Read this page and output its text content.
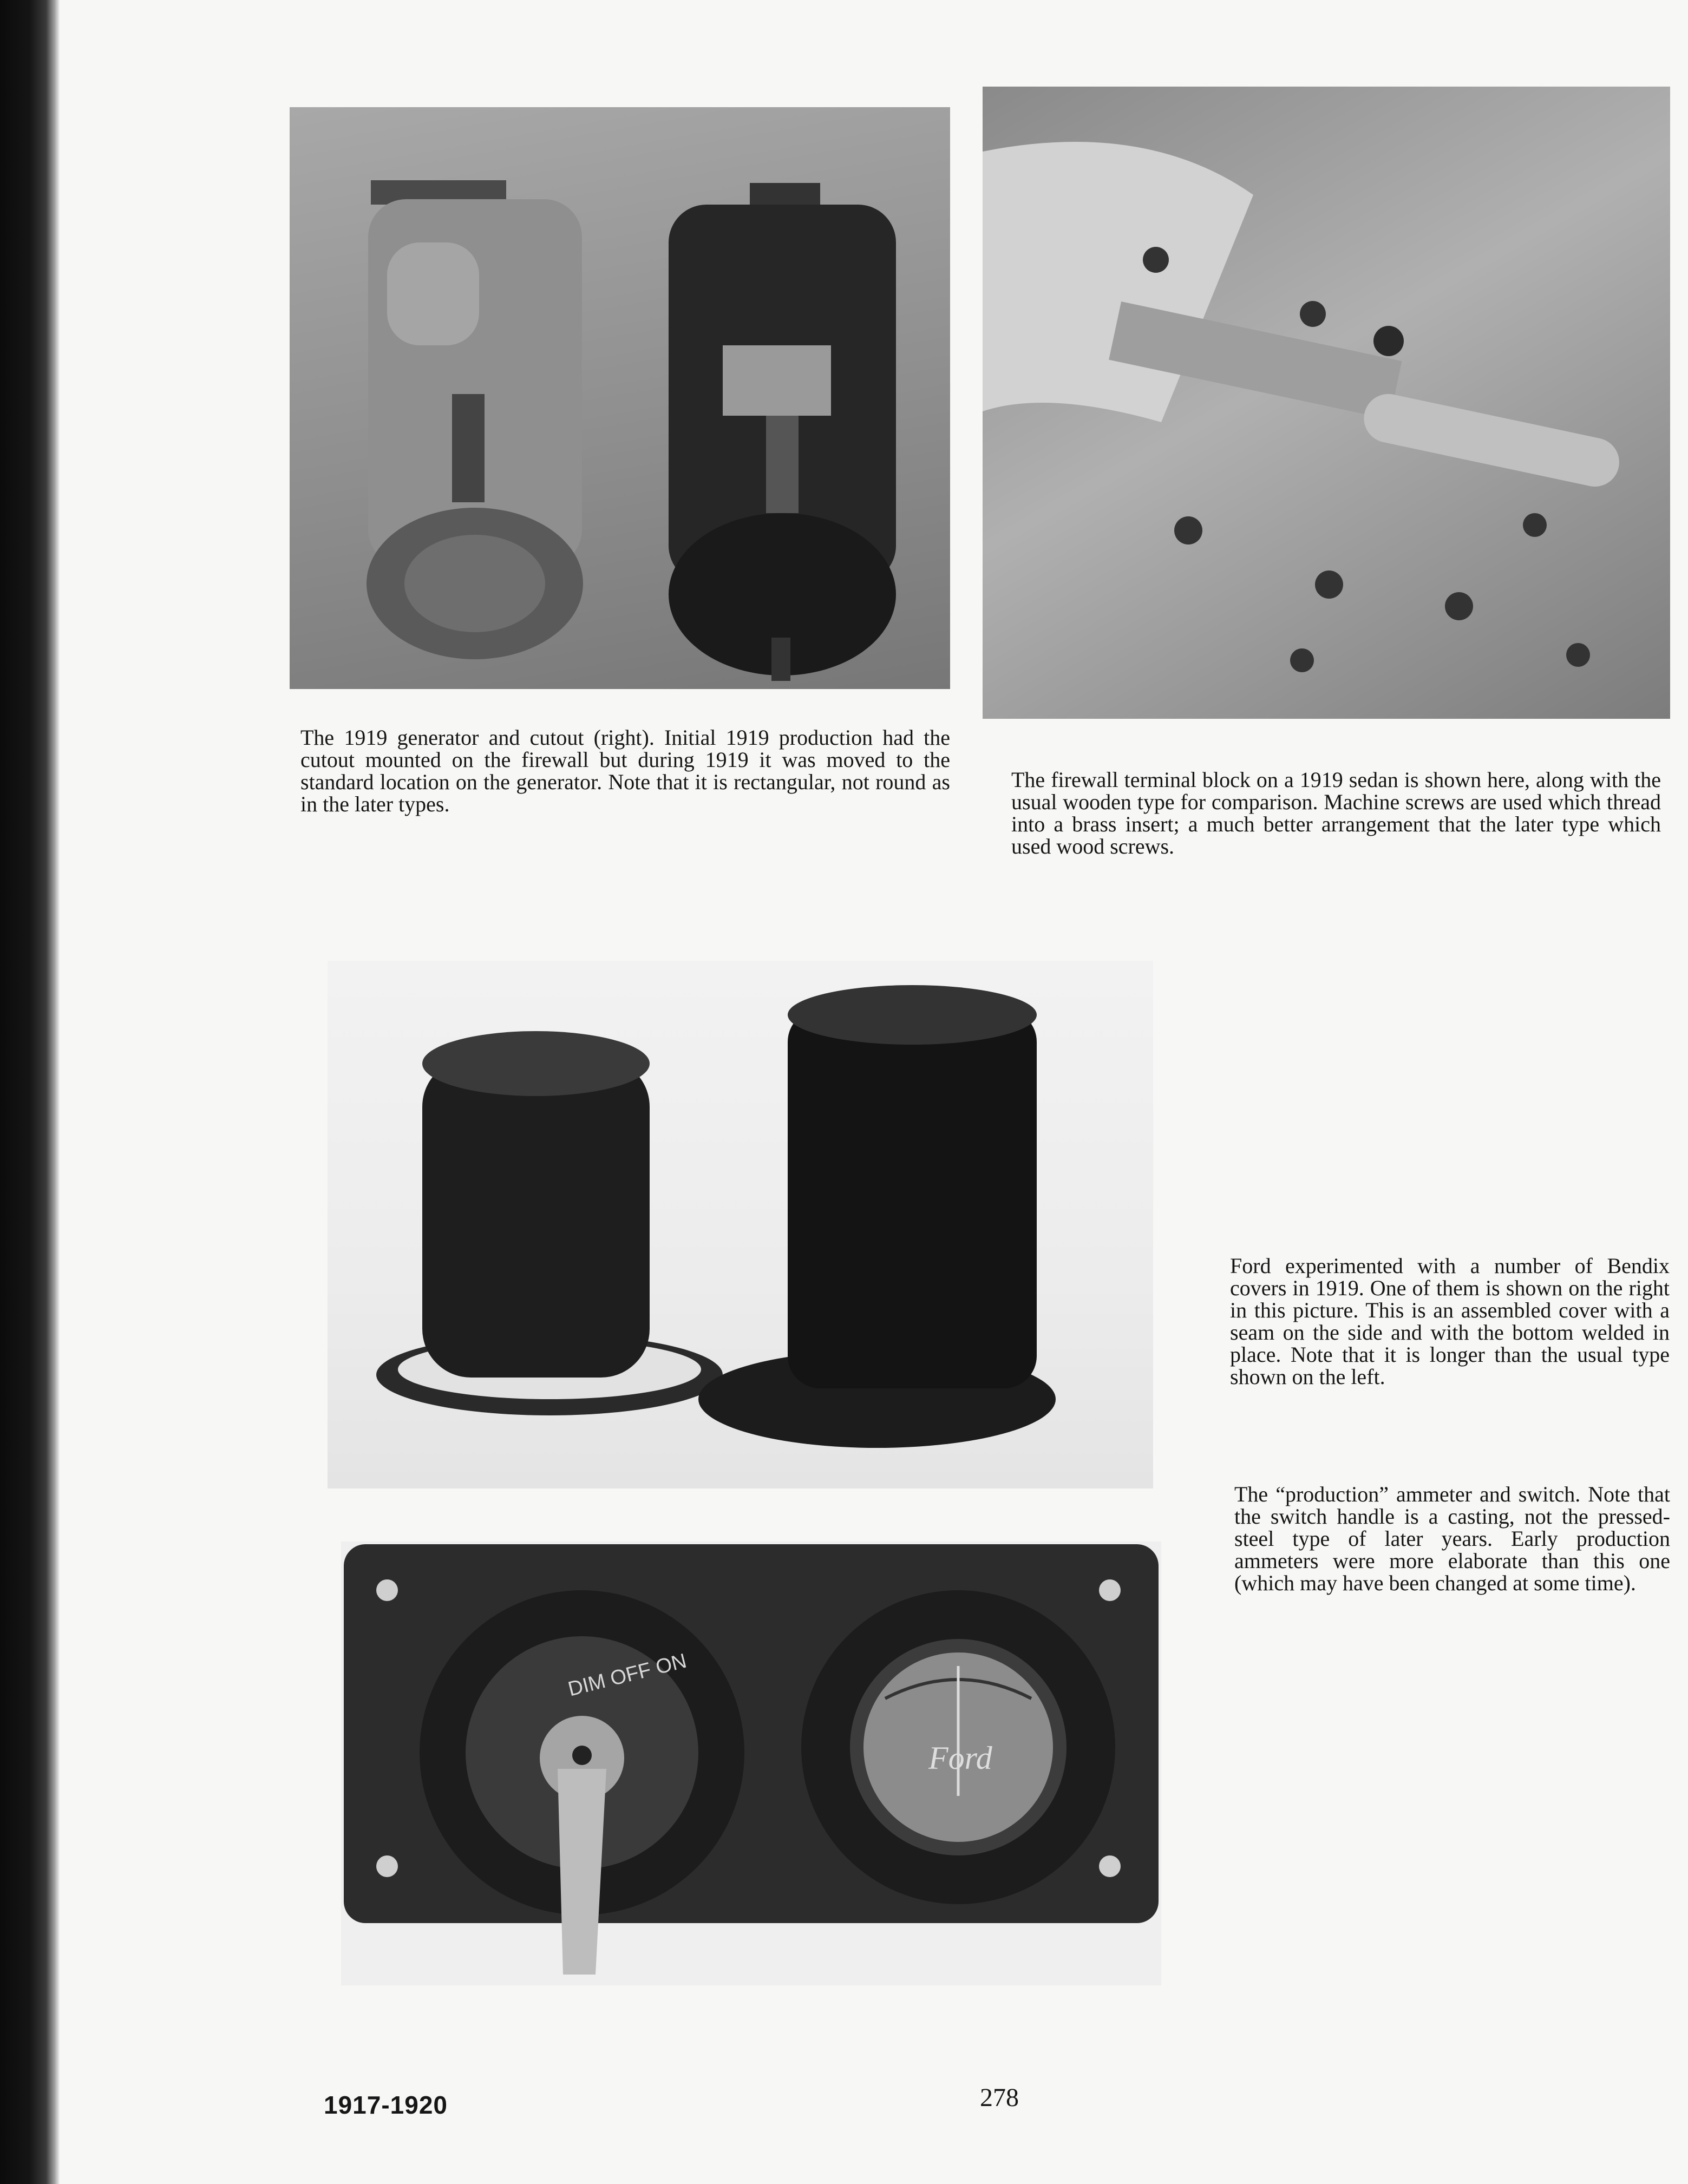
The 1919 generator and cutout (right). Initial 1919 production had the cutout mounted on the firewall but during 1919 it was moved to the standard location on the generator. Note that it is rectangular, not round as in the later types.

The firewall terminal block on a 1919 sedan is shown here, along with the usual wooden type for comparison. Machine screws are used which thread into a brass insert; a much better arrangement that the later type which used wood screws.

Ford experimented with a number of Bendix covers in 1919. One of them is shown on the right in this picture. This is an assembled cover with a seam on the side and with the bottom welded in place. Note that it is longer than the usual type shown on the left.

The “production” ammeter and switch. Note that the switch handle is a casting, not the pressed-steel type of later years. Early production ammeters were more elaborate than this one (which may have been changed at some time).

DIM OFF ON
Ford
1917-1920	278
